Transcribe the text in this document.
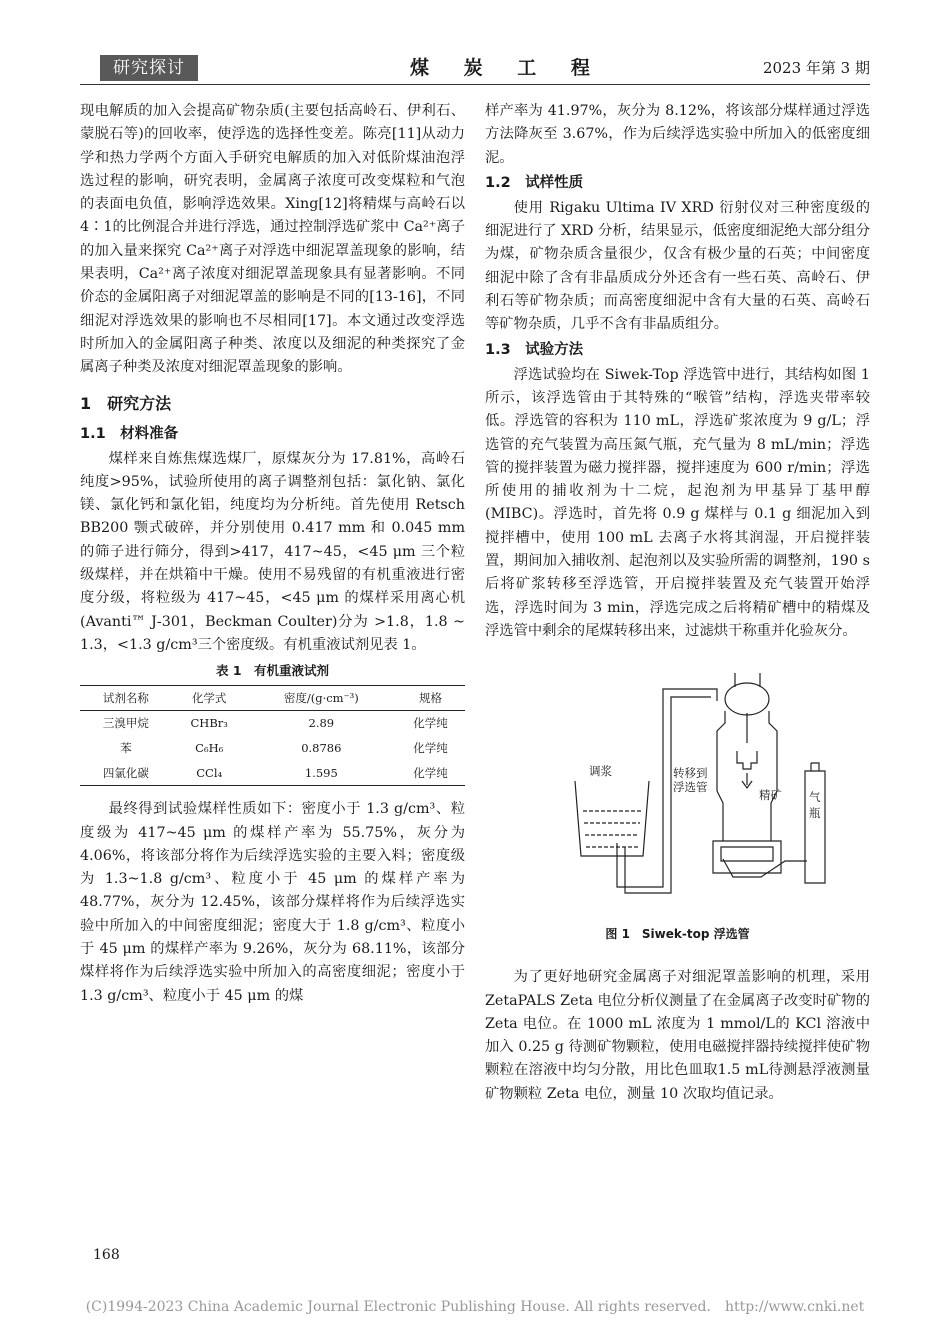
研究探讨	煤 炭 工 程	2023 年第 3 期

现电解质的加入会提高矿物杂质(主要包括高岭石、伊利石、蒙脱石等)的回收率，使浮选的选择性变差。陈亮[11]从动力学和热力学两个方面入手研究电解质的加入对低阶煤油泡浮选过程的影响，研究表明，金属离子浓度可改变煤粒和气泡的表面电负值，影响浮选效果。Xing[12]将精煤与高岭石以4∶1的比例混合并进行浮选，通过控制浮选矿浆中 Ca²⁺离子的加入量来探究 Ca²⁺离子对浮选中细泥罩盖现象的影响，结果表明，Ca²⁺离子浓度对细泥罩盖现象具有显著影响。不同价态的金属阳离子对细泥罩盖的影响是不同的[13-16]，不同细泥对浮选效果的影响也不尽相同[17]。本文通过改变浮选时所加入的金属阳离子种类、浓度以及细泥的种类探究了金属离子种类及浓度对细泥罩盖现象的影响。

1　研究方法
1.1　材料准备

煤样来自炼焦煤选煤厂，原煤灰分为 17.81%，高岭石纯度>95%，试验所使用的离子调整剂包括：氯化钠、氯化镁、氯化钙和氯化铝，纯度均为分析纯。首先使用 Retsch BB200 颚式破碎，并分别使用 0.417 mm 和 0.045 mm 的筛子进行筛分，得到>417，417~45，<45 μm 三个粒级煤样，并在烘箱中干燥。使用不易残留的有机重液进行密度分级，将粒级为 417~45，<45 μm 的煤样采用离心机(Avanti™ J-301，Beckman Coulter)分为 >1.8，1.8 ~ 1.3，<1.3 g/cm³三个密度级。有机重液试剂见表 1。

表 1　有机重液试剂
试剂名称	化学式	密度/(g·cm⁻³)	规格
三溴甲烷	CHBr₃	2.89	化学纯
苯	C₆H₆	0.8786	化学纯
四氯化碳	CCl₄	1.595	化学纯

最终得到试验煤样性质如下：密度小于 1.3 g/cm³、粒度级为 417~45 μm 的煤样产率为 55.75%，灰分为 4.06%，将该部分将作为后续浮选实验的主要入料；密度级为 1.3~1.8 g/cm³、粒度小于 45 μm 的煤样产率为 48.77%，灰分为 12.45%，该部分煤样将作为后续浮选实验中所加入的中间密度细泥；密度大于 1.8 g/cm³、粒度小于 45 μm 的煤样产率为 9.26%，灰分为 68.11%，该部分煤样将作为后续浮选实验中所加入的高密度细泥；密度小于 1.3 g/cm³、粒度小于 45 μm 的煤

样产率为 41.97%，灰分为 8.12%，将该部分煤样通过浮选方法降灰至 3.67%，作为后续浮选实验中所加入的低密度细泥。

1.2　试样性质

使用 Rigaku Ultima IV XRD 衍射仪对三种密度级的细泥进行了 XRD 分析，结果显示，低密度细泥绝大部分组分为煤，矿物杂质含量很少，仅含有极少量的石英；中间密度细泥中除了含有非晶质成分外还含有一些石英、高岭石、伊利石等矿物杂质；而高密度细泥中含有大量的石英、高岭石等矿物杂质，几乎不含有非晶质组分。

1.3　试验方法

浮选试验均在 Siwek-Top 浮选管中进行，其结构如图 1 所示，该浮选管由于其特殊的“喉管”结构，浮选夹带率较低。浮选管的容积为 110 mL，浮选矿浆浓度为 9 g/L；浮选管的充气装置为高压氮气瓶，充气量为 8 mL/min；浮选管的搅拌装置为磁力搅拌器，搅拌速度为 600 r/min；浮选所使用的捕收剂为十二烷，起泡剂为甲基异丁基甲醇(MIBC)。浮选时，首先将 0.9 g 煤样与 0.1 g 细泥加入到搅拌槽中，使用 100 mL 去离子水将其润湿，开启搅拌装置，期间加入捕收剂、起泡剂以及实验所需的调整剂，190 s 后将矿浆转移至浮选管，开启搅拌装置及充气装置开始浮选，浮选时间为 3 min，浮选完成之后将精矿槽中的精煤及浮选管中剩余的尾煤转移出来，过滤烘干称重并化验灰分。

调浆	转移到
浮选管
精矿 气
瓶
图 1　Siwek-top 浮选管

为了更好地研究金属离子对细泥罩盖影响的机理，采用 ZetaPALS Zeta 电位分析仪测量了在金属离子改变时矿物的 Zeta 电位。在 1000 mL 浓度为 1 mmol/L的 KCl 溶液中加入 0.25 g 待测矿物颗粒，使用电磁搅拌器持续搅拌使矿物颗粒在溶液中均匀分散，用比色皿取1.5 mL待测悬浮液测量矿物颗粒 Zeta 电位，测量 10 次取均值记录。

168
(C)1994-2023 China Academic Journal Electronic Publishing House. All rights reserved.　http://www.cnki.net
